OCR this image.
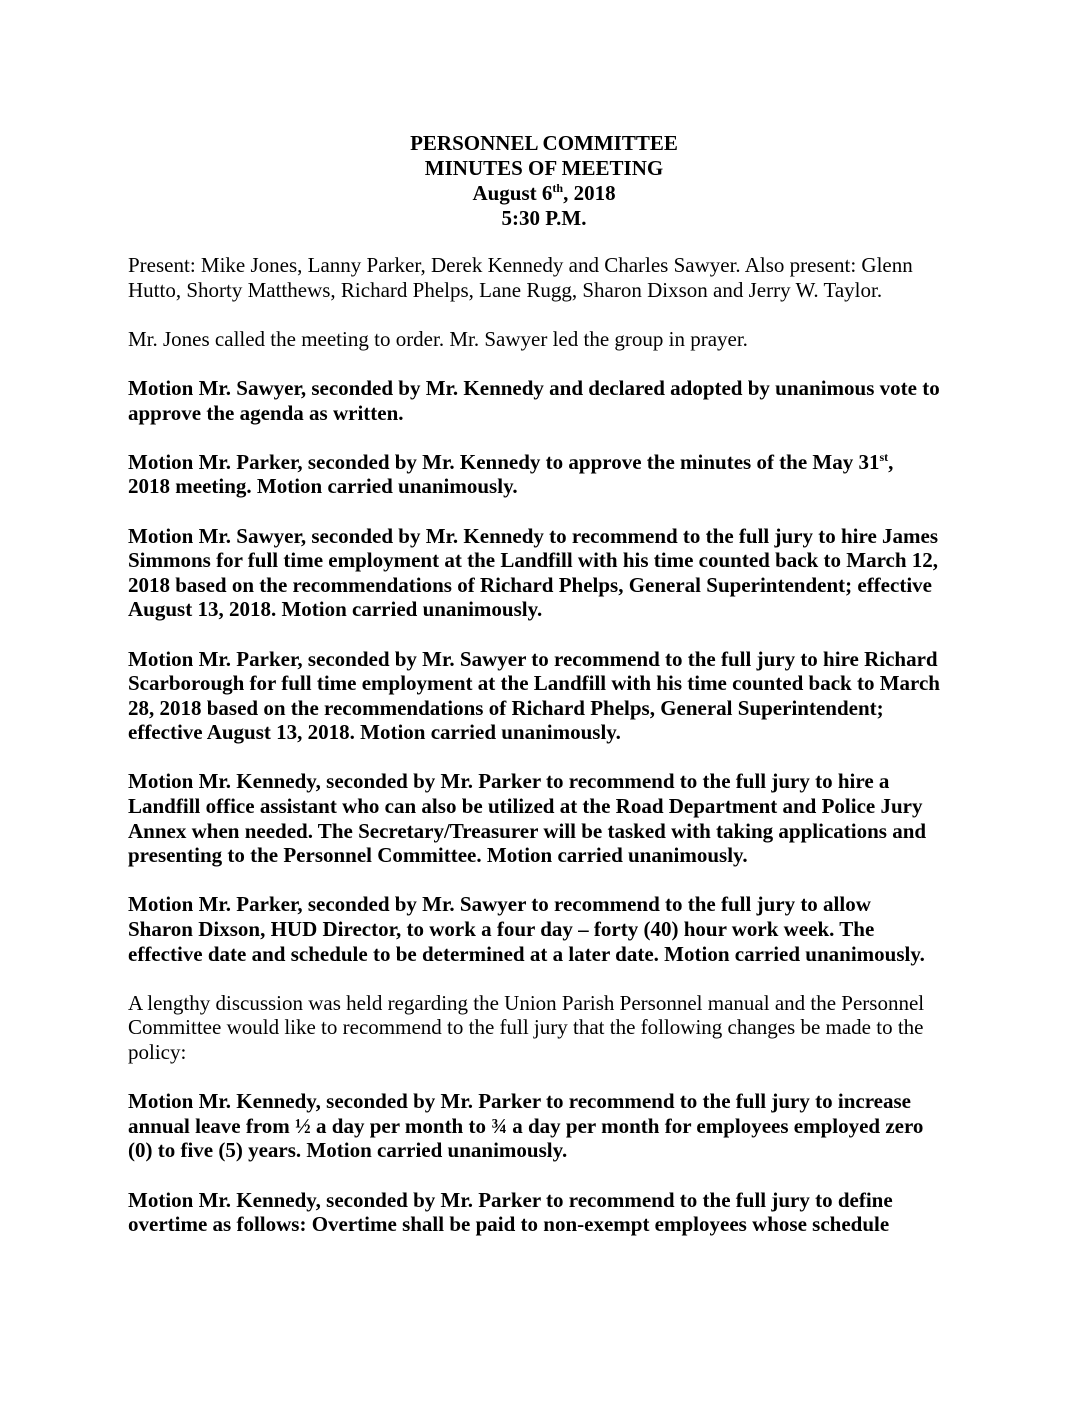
PERSONNEL COMMITTEE
MINUTES OF MEETING
August 6th, 2018
5:30 P.M.

Present: Mike Jones, Lanny Parker, Derek Kennedy and Charles Sawyer. Also present: Glenn
Hutto, Shorty Matthews, Richard Phelps, Lane Rugg, Sharon Dixson and Jerry W. Taylor.

Mr. Jones called the meeting to order. Mr. Sawyer led the group in prayer.

Motion Mr. Sawyer, seconded by Mr. Kennedy and declared adopted by unanimous vote to
approve the agenda as written.

Motion Mr. Parker, seconded by Mr. Kennedy to approve the minutes of the May 31st,
2018 meeting. Motion carried unanimously.

Motion Mr. Sawyer, seconded by Mr. Kennedy to recommend to the full jury to hire James
Simmons for full time employment at the Landfill with his time counted back to March 12,
2018 based on the recommendations of Richard Phelps, General Superintendent; effective
August 13, 2018. Motion carried unanimously.

Motion Mr. Parker, seconded by Mr. Sawyer to recommend to the full jury to hire Richard
Scarborough for full time employment at the Landfill with his time counted back to March
28, 2018 based on the recommendations of Richard Phelps, General Superintendent;
effective August 13, 2018. Motion carried unanimously.

Motion Mr. Kennedy, seconded by Mr. Parker to recommend to the full jury to hire a
Landfill office assistant who can also be utilized at the Road Department and Police Jury
Annex when needed. The Secretary/Treasurer will be tasked with taking applications and
presenting to the Personnel Committee. Motion carried unanimously.

Motion Mr. Parker, seconded by Mr. Sawyer to recommend to the full jury to allow
Sharon Dixson, HUD Director, to work a four day – forty (40) hour work week. The
effective date and schedule to be determined at a later date. Motion carried unanimously.

A lengthy discussion was held regarding the Union Parish Personnel manual and the Personnel
Committee would like to recommend to the full jury that the following changes be made to the
policy:

Motion Mr. Kennedy, seconded by Mr. Parker to recommend to the full jury to increase
annual leave from ½ a day per month to ¾ a day per month for employees employed zero
(0) to five (5) years. Motion carried unanimously.

Motion Mr. Kennedy, seconded by Mr. Parker to recommend to the full jury to define
overtime as follows: Overtime shall be paid to non-exempt employees whose schedule
